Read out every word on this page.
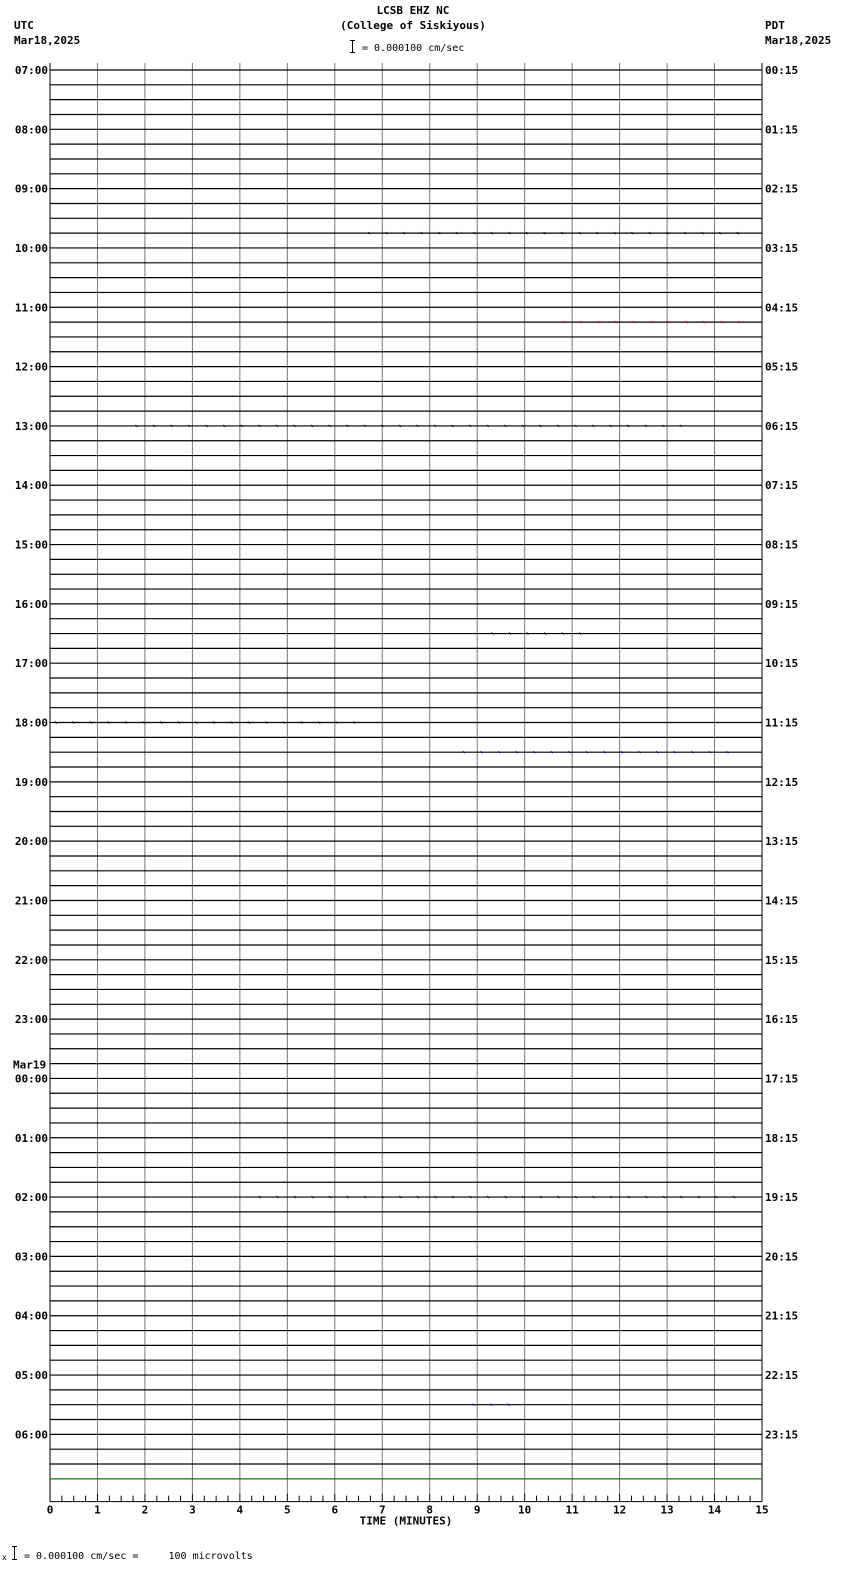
LCSB EHZ NC
(College of Siskiyous)
= 0.000100 cm/sec
UTC
Mar18,2025
PDT
Mar18,2025
07:00
08:00
09:00
10:00
11:00
12:00
13:00
14:00
15:00
16:00
17:00
18:00
19:00
20:00
21:00
22:00
23:00
00:00
01:00
02:00
03:00
04:00
05:00
06:00
00:15
01:15
02:15
03:15
04:15
05:15
06:15
07:15
08:15
09:15
10:15
11:15
12:15
13:15
14:15
15:15
16:15
17:15
18:15
19:15
20:15
21:15
22:15
23:15
Mar19
0	1	2	3	4	5	6	7	8	9	10	11	12	13	14	15
TIME (MINUTES)
x = 0.000100 cm/sec =     100 microvolts
